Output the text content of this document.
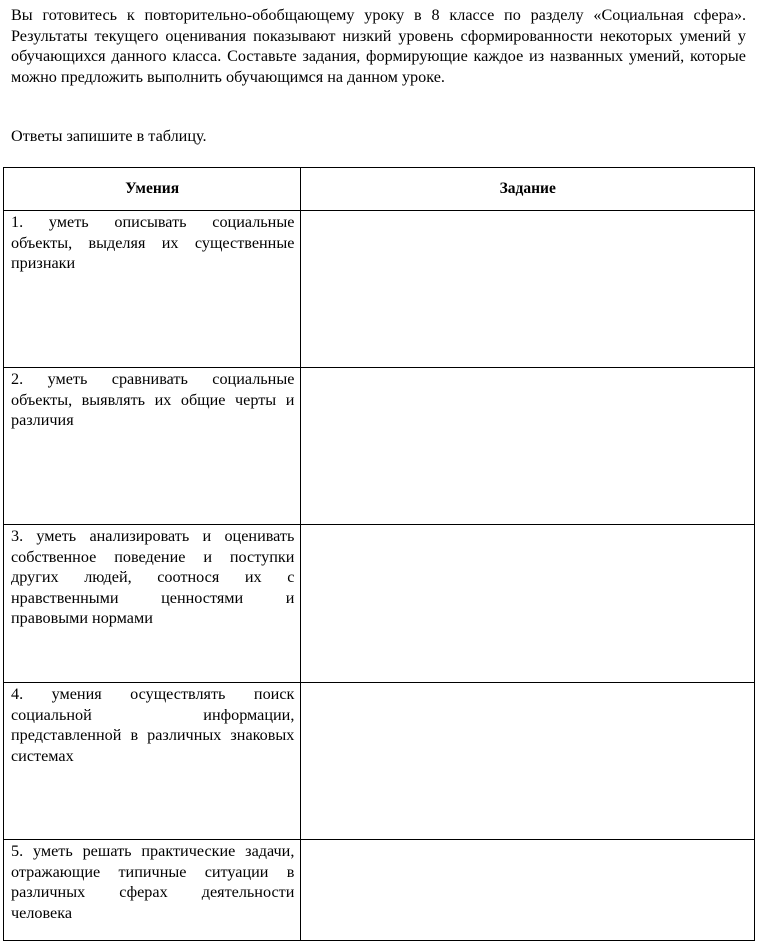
Вы готовитесь к повторительно-обобщающему уроку в 8 классе по разделу «Социальная сфера». Результаты текущего оценивания показывают низкий уровень сформированности некоторых умений у обучающихся данного класса. Составьте задания, формирующие каждое из названных умений, которые можно предложить выполнить обучающимся на данном уроке.

Ответы запишите в таблицу.

Умения	Задание

1. уметь описывать социальные объекты, выделяя их существенные признаки	

2. уметь сравнивать социальные объекты, выявлять их общие черты и различия	

3. уметь анализировать и оценивать собственное поведение и поступки других людей, соотнося их с нравственными ценностями и правовыми нормами	

4. умения осуществлять поиск социальной информации, представленной в различных знаковых системах	

5. уметь решать практические задачи, отражающие типичные ситуации в различных сферах деятельности человека	
